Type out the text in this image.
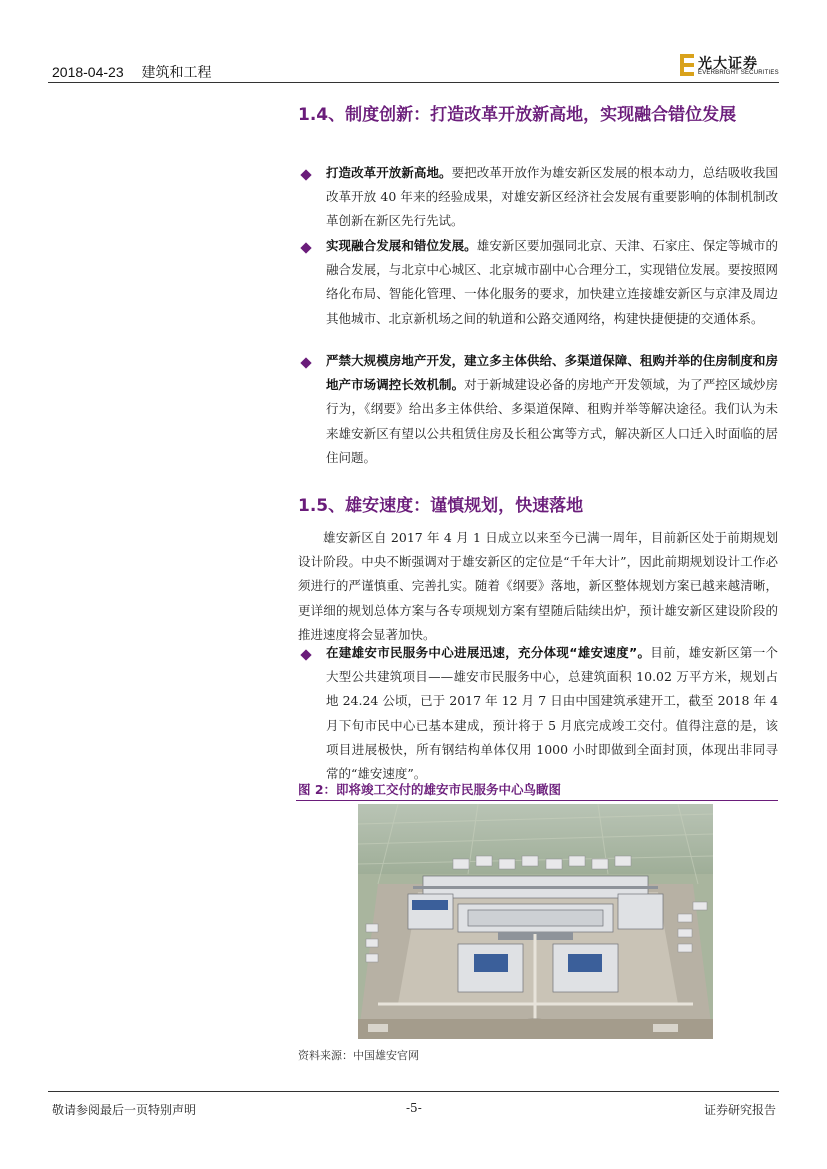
2018-04-23 建筑和工程	光大证券
EVERBRIGHT SECURITIES
1.4、制度创新：打造改革开放新高地，实现融合错位发展
打造改革开放新高地。要把改革开放作为雄安新区发展的根本动力，总结吸收我国改革开放 40 年来的经验成果，对雄安新区经济社会发展有重要影响的体制机制改革创新在新区先行先试。
实现融合发展和错位发展。雄安新区要加强同北京、天津、石家庄、保定等城市的融合发展，与北京中心城区、北京城市副中心合理分工，实现错位发展。要按照网络化布局、智能化管理、一体化服务的要求，加快建立连接雄安新区与京津及周边其他城市、北京新机场之间的轨道和公路交通网络，构建快捷便捷的交通体系。
严禁大规模房地产开发，建立多主体供给、多渠道保障、租购并举的住房制度和房地产市场调控长效机制。对于新城建设必备的房地产开发领域，为了严控区域炒房行为，《纲要》给出多主体供给、多渠道保障、租购并举等解决途径。我们认为未来雄安新区有望以公共租赁住房及长租公寓等方式，解决新区人口迁入时面临的居住问题。
1.5、雄安速度：谨慎规划，快速落地
雄安新区自 2017 年 4 月 1 日成立以来至今已满一周年，目前新区处于前期规划设计阶段。中央不断强调对于雄安新区的定位是“千年大计”，因此前期规划设计工作必须进行的严谨慎重、完善扎实。随着《纲要》落地，新区整体规划方案已越来越清晰，更详细的规划总体方案与各专项规划方案有望随后陆续出炉，预计雄安新区建设阶段的推进速度将会显著加快。
在建雄安市民服务中心进展迅速，充分体现“雄安速度”。目前，雄安新区第一个大型公共建筑项目——雄安市民服务中心，总建筑面积 10.02 万平方米，规划占地 24.24 公顷，已于 2017 年 12 月 7 日由中国建筑承建开工，截至 2018 年 4 月下旬市民中心已基本建成，预计将于 5 月底完成竣工交付。值得注意的是，该项目进展极快，所有钢结构单体仅用 1000 小时即做到全面封顶，体现出非同寻常的“雄安速度”。
图 2：即将竣工交付的雄安市民服务中心鸟瞰图
资料来源：中国雄安官网
敬请参阅最后一页特别声明	-5-	证券研究报告
